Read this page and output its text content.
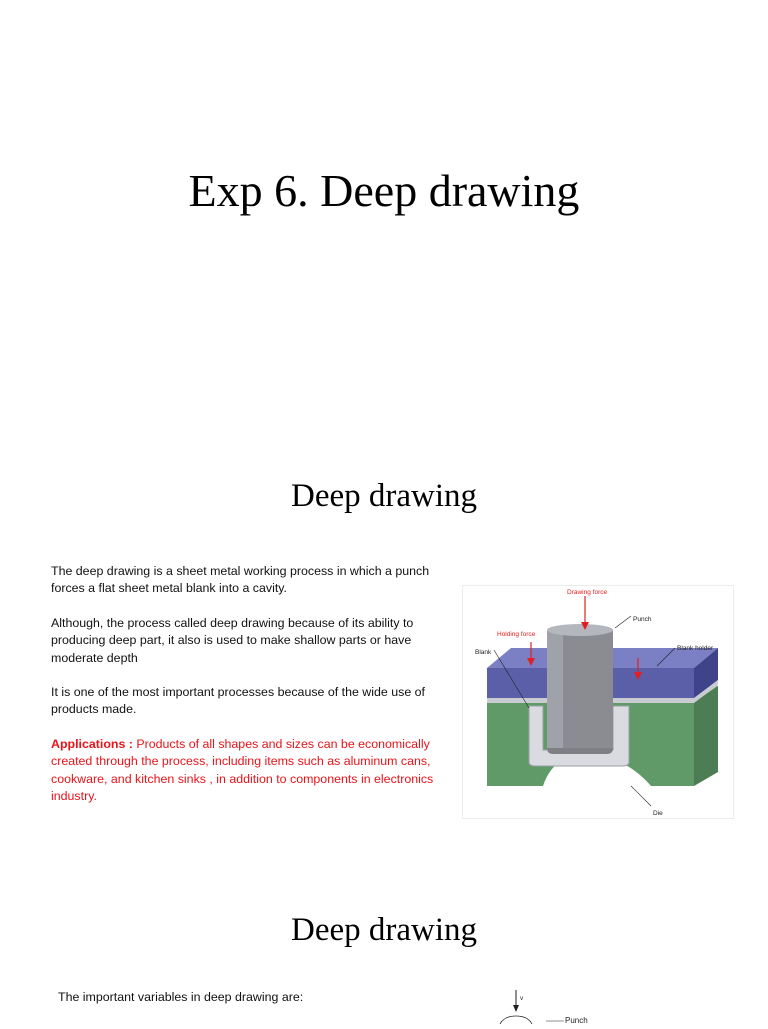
Exp 6. Deep drawing
Deep drawing

The deep drawing is a sheet metal working process in which a punch forces a flat sheet metal blank into a cavity.

Although, the process called deep drawing because of its ability to producing deep part, it also is used to make shallow parts or have moderate depth

It is one of the most important processes because of the wide use of products made.

Applications : Products of all shapes and sizes can be economically created through the process, including items such as aluminum cans, cookware, and kitchen sinks , in addition to components in electronics industry.

Drawing force
Punch
Holding force
Blank holder
Blank
Die
Deep drawing
The important variables in deep drawing are:	v
Punch
